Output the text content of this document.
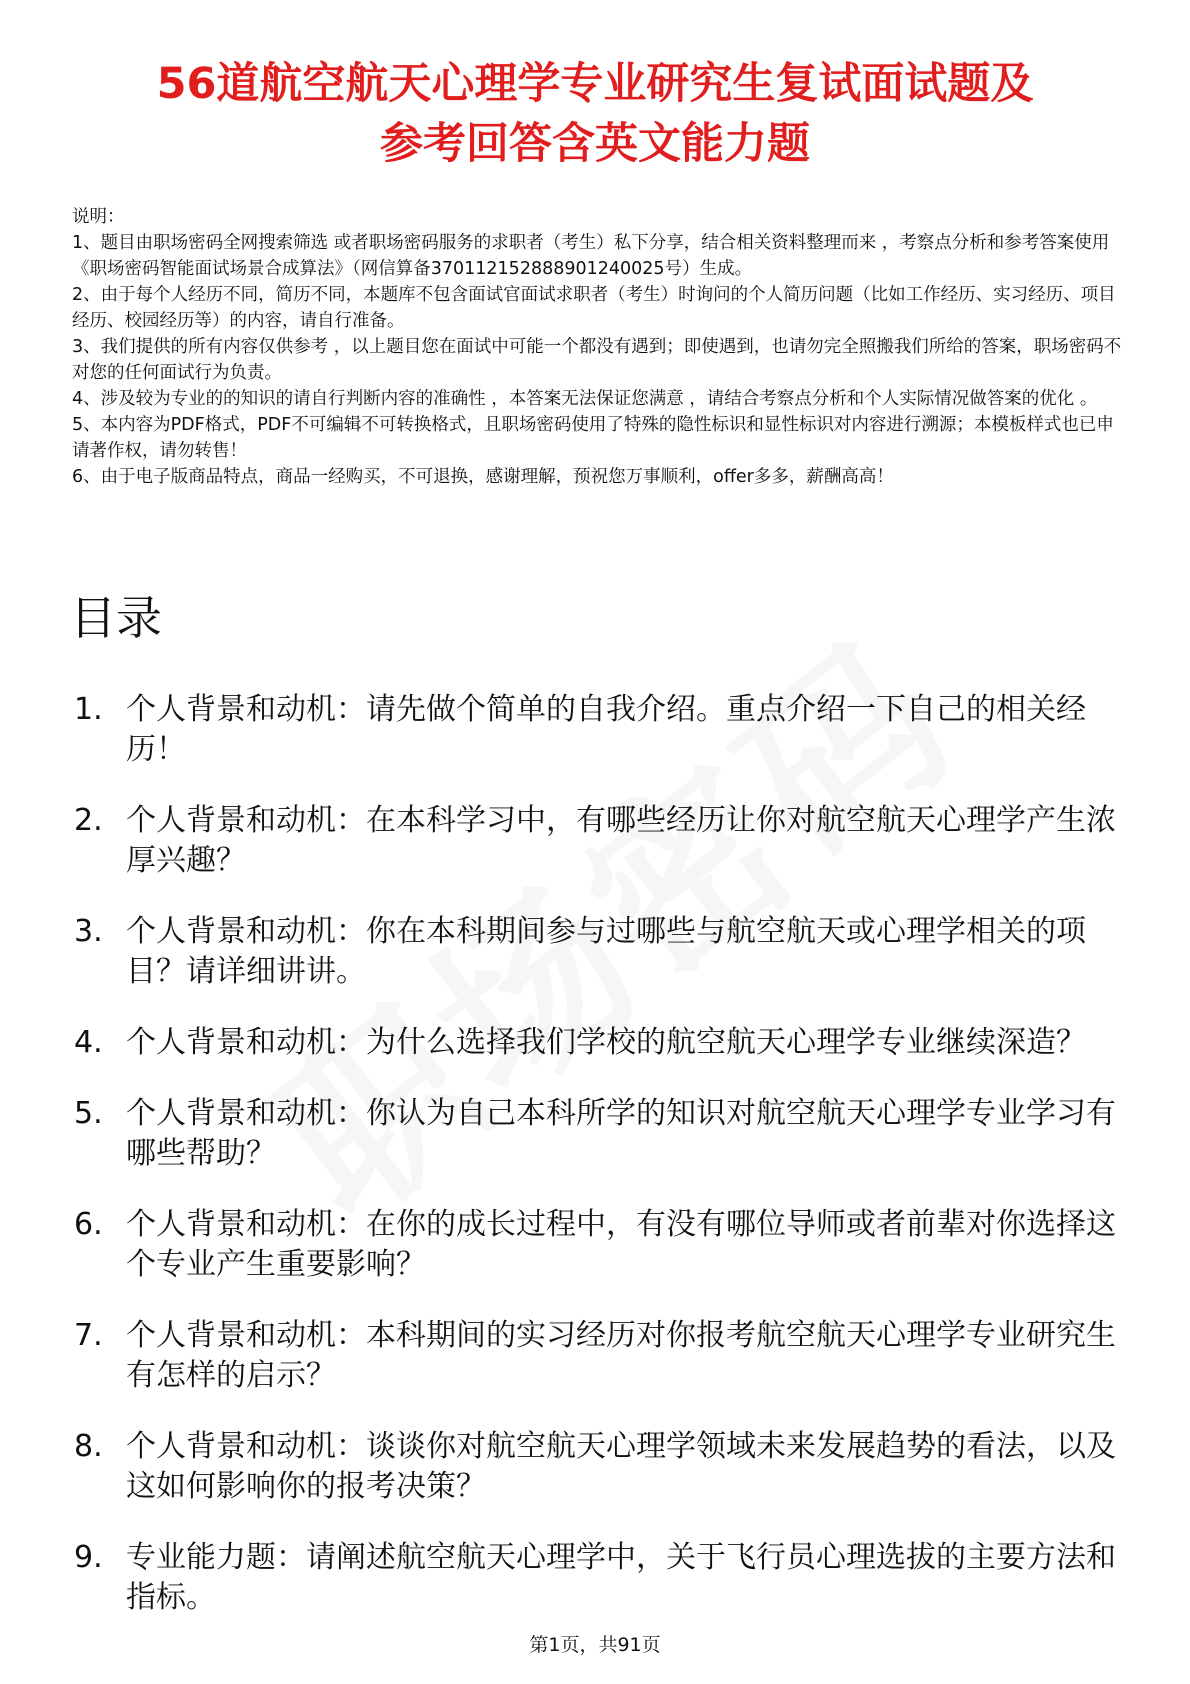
56道航空航天心理学专业研究生复试面试题及
参考回答含英文能力题

说明：

1、题目由职场密码全网搜索筛选 或者职场密码服务的求职者（考生）私下分享，结合相关资料整理而来 ，考察点分析和参考答案使用《职场密码智能面试场景合成算法》（网信算备370112152888901240025号）生成。

2、由于每个人经历不同，简历不同，本题库不包含面试官面试求职者（考生）时询问的个人简历问题（比如工作经历、实习经历、项目经历、校园经历等）的内容，请自行准备。

3、我们提供的所有内容仅供参考 ，以上题目您在面试中可能一个都没有遇到；即使遇到，也请勿完全照搬我们所给的答案，职场密码不对您的任何面试行为负责。

4、涉及较为专业的的知识的请自行判断内容的准确性 ，本答案无法保证您满意 ，请结合考察点分析和个人实际情况做答案的优化 。

5、本内容为PDF格式，PDF不可编辑不可转换格式，且职场密码使用了特殊的隐性标识和显性标识对内容进行溯源；本模板样式也已申请著作权，请勿转售！

6、由于电子版商品特点，商品一经购买，不可退换，感谢理解，预祝您万事顺利，offer多多，薪酬高高！

目录
1. 个人背景和动机：请先做个简单的自我介绍。重点介绍一下自己的相关经历！
2. 个人背景和动机：在本科学习中，有哪些经历让你对航空航天心理学产生浓厚兴趣？
3. 个人背景和动机：你在本科期间参与过哪些与航空航天或心理学相关的项目？请详细讲讲。
4. 个人背景和动机：为什么选择我们学校的航空航天心理学专业继续深造？
5. 个人背景和动机：你认为自己本科所学的知识对航空航天心理学专业学习有哪些帮助？
6. 个人背景和动机：在你的成长过程中，有没有哪位导师或者前辈对你选择这个专业产生重要影响？
7. 个人背景和动机：本科期间的实习经历对你报考航空航天心理学专业研究生有怎样的启示？
8. 个人背景和动机：谈谈你对航空航天心理学领域未来发展趋势的看法，以及这如何影响你的报考决策？
9. 专业能力题：请阐述航空航天心理学中，关于飞行员心理选拔的主要方法和指标。
第1页，共91页
